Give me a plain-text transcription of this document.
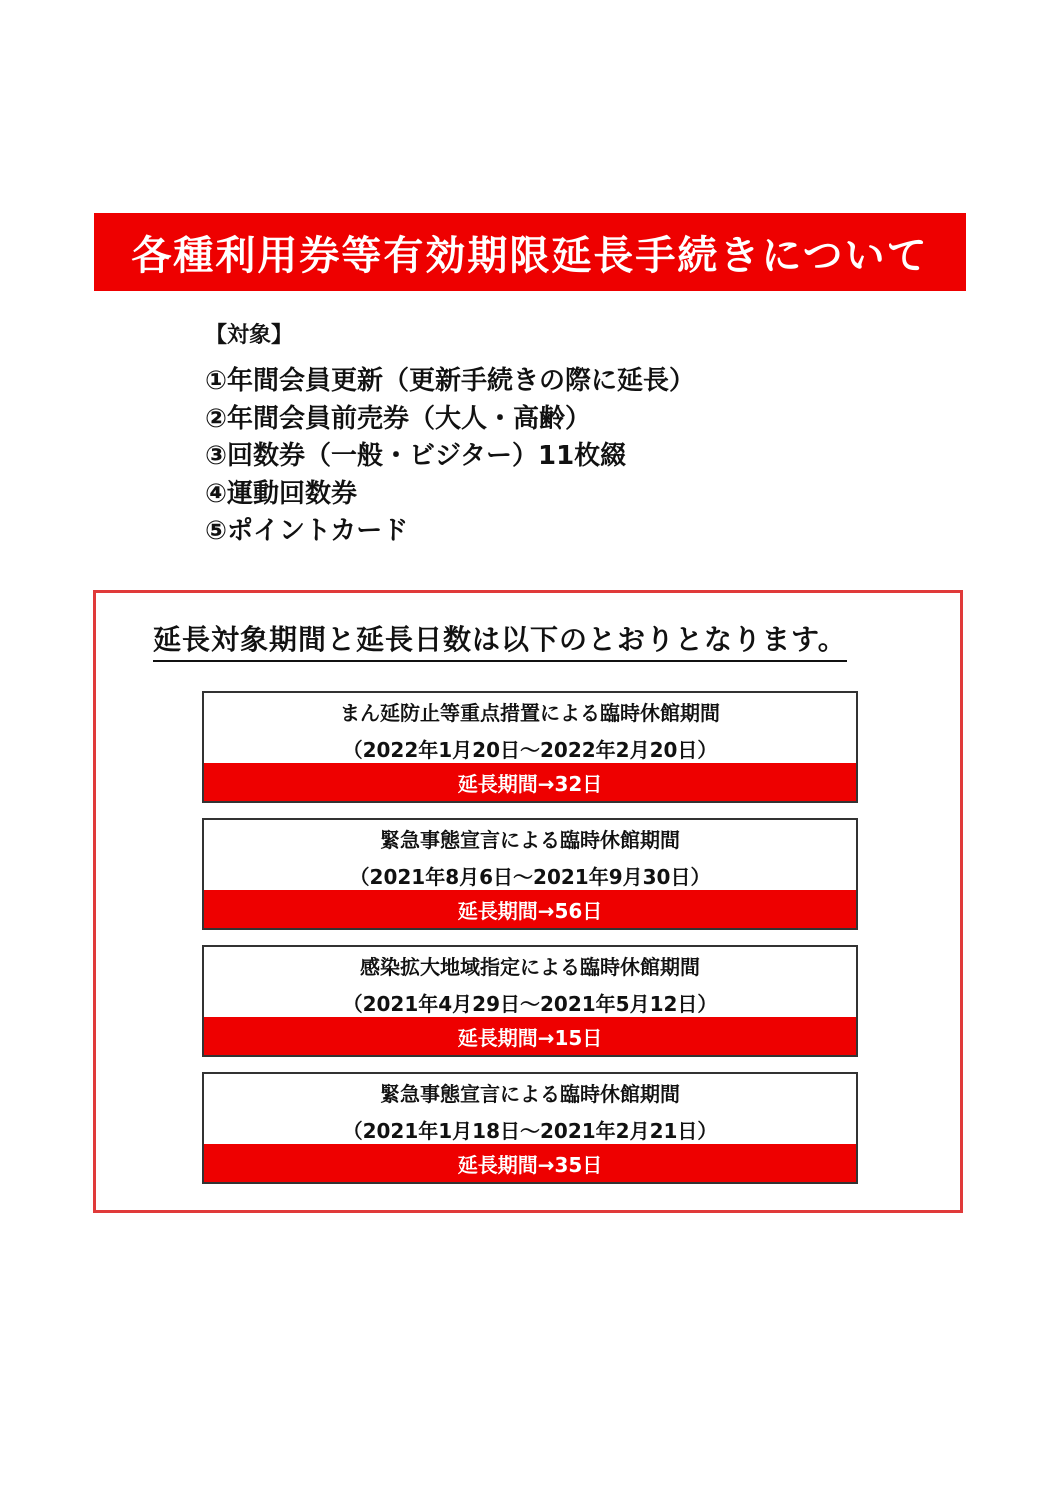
各種利用券等有効期限延長手続きについて
【対象】
①年間会員更新（更新手続きの際に延長）
②年間会員前売券（大人・高齢）
③回数券（一般・ビジター）11枚綴
④運動回数券
⑤ポイントカード
延長対象期間と延長日数は以下のとおりとなります。
まん延防止等重点措置による臨時休館期間
（2022年1月20日～2022年2月20日）
延長期間→32日
緊急事態宣言による臨時休館期間
（2021年8月6日～2021年9月30日）
延長期間→56日
感染拡大地域指定による臨時休館期間
（2021年4月29日～2021年5月12日）
延長期間→15日
緊急事態宣言による臨時休館期間
（2021年1月18日～2021年2月21日）
延長期間→35日
